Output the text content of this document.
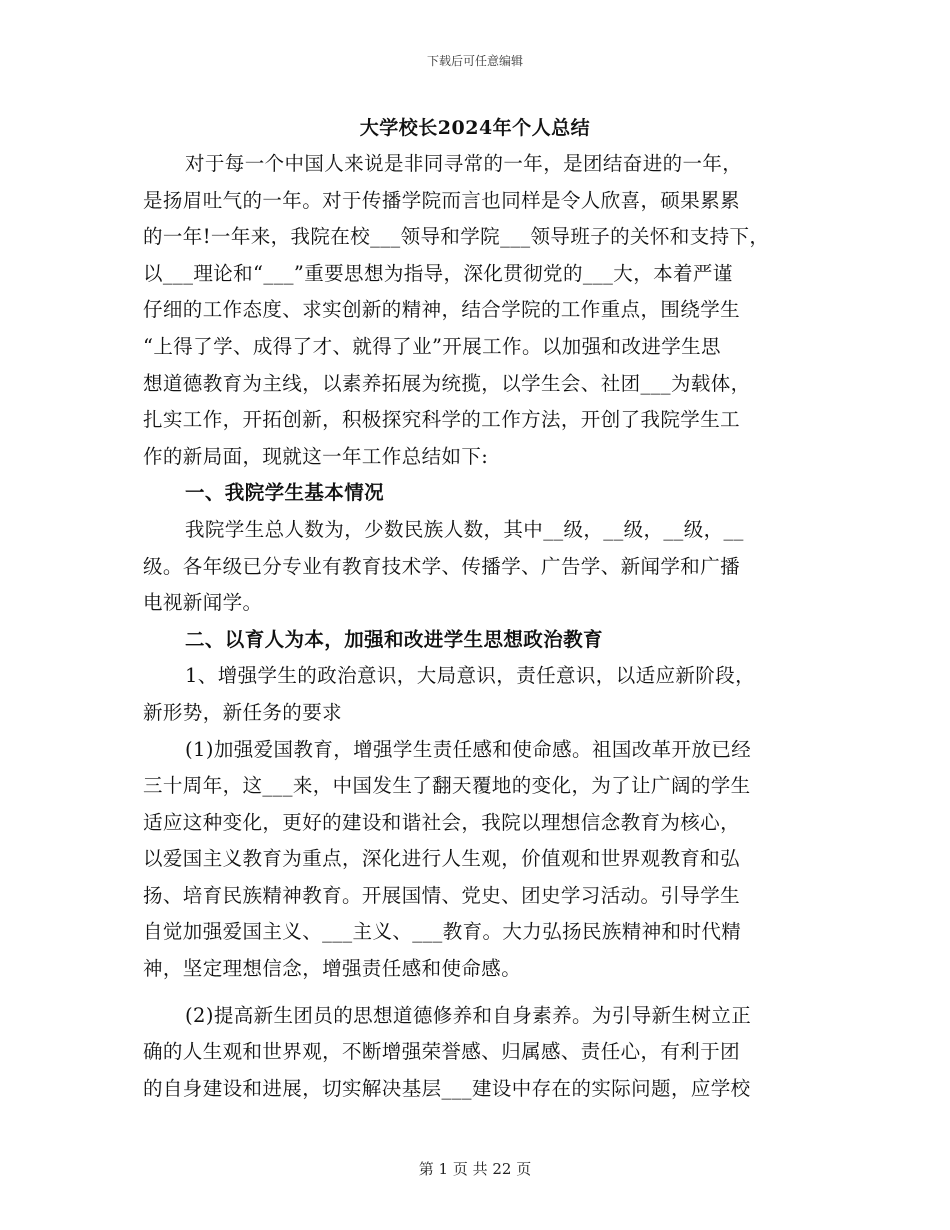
下载后可任意编辑
大学校长2024年个人总结
对于每一个中国人来说是非同寻常的一年，是团结奋进的一年，
是扬眉吐气的一年。对于传播学院而言也同样是令人欣喜，硕果累累
的一年!一年来，我院在校___领导和学院___领导班子的关怀和支持下，
以___理论和“___”重要思想为指导，深化贯彻党的___大，本着严谨
仔细的工作态度、求实创新的精神，结合学院的工作重点，围绕学生
“上得了学、成得了才、就得了业”开展工作。以加强和改进学生思
想道德教育为主线，以素养拓展为统揽，以学生会、社团___为载体，
扎实工作，开拓创新，积极探究科学的工作方法，开创了我院学生工
作的新局面，现就这一年工作总结如下:
一、我院学生基本情况
我院学生总人数为，少数民族人数，其中__级，__级，__级，__
级。各年级已分专业有教育技术学、传播学、广告学、新闻学和广播
电视新闻学。
二、以育人为本，加强和改进学生思想政治教育
1、增强学生的政治意识，大局意识，责任意识，以适应新阶段，
新形势，新任务的要求
(1)加强爱国教育，增强学生责任感和使命感。祖国改革开放已经
三十周年，这___来，中国发生了翻天覆地的变化，为了让广阔的学生
适应这种变化，更好的建设和谐社会，我院以理想信念教育为核心，
以爱国主义教育为重点，深化进行人生观，价值观和世界观教育和弘
扬、培育民族精神教育。开展国情、党史、团史学习活动。引导学生
自觉加强爱国主义、___主义、___教育。大力弘扬民族精神和时代精
神，坚定理想信念，增强责任感和使命感。
(2)提高新生团员的思想道德修养和自身素养。为引导新生树立正
确的人生观和世界观，不断增强荣誉感、归属感、责任心，有利于团
的自身建设和进展，切实解决基层___建设中存在的实际问题，应学校
第 1 页 共 22 页
